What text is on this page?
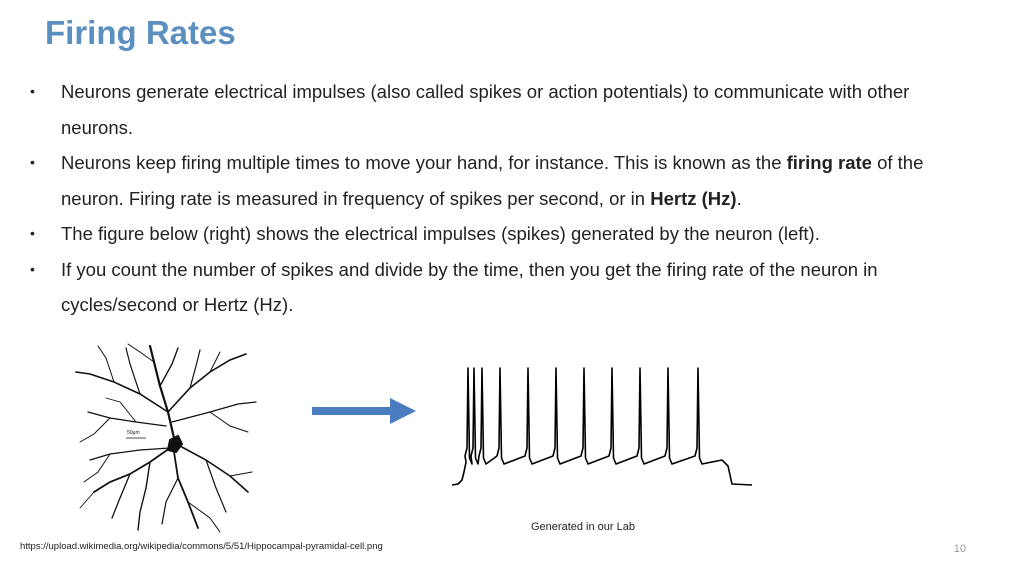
Firing Rates
• Neurons generate electrical impulses (also called spikes or action potentials) to communicate with other neurons.
• Neurons keep firing multiple times to move your hand, for instance. This is known as the firing rate of the neuron. Firing rate is measured in frequency of spikes per second, or in Hertz (Hz).
• The figure below (right) shows the electrical impulses (spikes) generated by the neuron (left).
• If you count the number of spikes and divide by the time, then you get the firing rate of the neuron in cycles/second or Hertz (Hz).
50µm
Generated in our Lab
https://upload.wikimedia.org/wikipedia/commons/5/51/Hippocampal-pyramidal-cell.png	10
